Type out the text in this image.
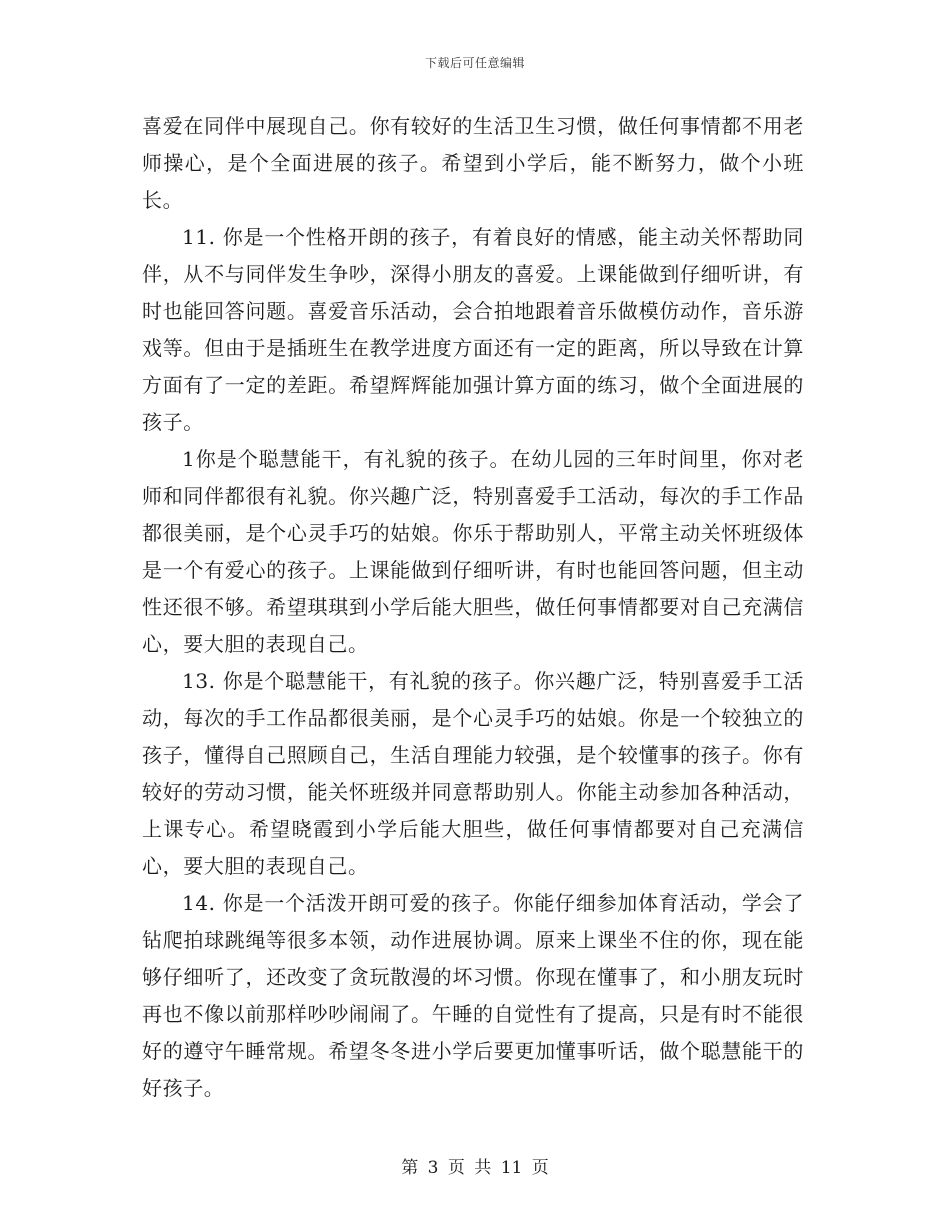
下载后可任意编辑

喜爱在同伴中展现自己。你有较好的生活卫生习惯，做任何事情都不用老师操心，是个全面进展的孩子。希望到小学后，能不断努力，做个小班长。

11. 你是一个性格开朗的孩子，有着良好的情感，能主动关怀帮助同伴，从不与同伴发生争吵，深得小朋友的喜爱。上课能做到仔细听讲，有时也能回答问题。喜爱音乐活动，会合拍地跟着音乐做模仿动作，音乐游戏等。但由于是插班生在教学进度方面还有一定的距离，所以导致在计算方面有了一定的差距。希望辉辉能加强计算方面的练习，做个全面进展的孩子。

1你是个聪慧能干，有礼貌的孩子。在幼儿园的三年时间里，你对老师和同伴都很有礼貌。你兴趣广泛，特别喜爱手工活动，每次的手工作品都很美丽，是个心灵手巧的姑娘。你乐于帮助别人，平常主动关怀班级体是一个有爱心的孩子。上课能做到仔细听讲，有时也能回答问题，但主动性还很不够。希望琪琪到小学后能大胆些，做任何事情都要对自己充满信心，要大胆的表现自己。

13. 你是个聪慧能干，有礼貌的孩子。你兴趣广泛，特别喜爱手工活动，每次的手工作品都很美丽，是个心灵手巧的姑娘。你是一个较独立的孩子，懂得自己照顾自己，生活自理能力较强，是个较懂事的孩子。你有较好的劳动习惯，能关怀班级并同意帮助别人。你能主动参加各种活动，上课专心。希望晓霞到小学后能大胆些，做任何事情都要对自己充满信心，要大胆的表现自己。

14. 你是一个活泼开朗可爱的孩子。你能仔细参加体育活动，学会了钻爬拍球跳绳等很多本领，动作进展协调。原来上课坐不住的你，现在能够仔细听了，还改变了贪玩散漫的坏习惯。你现在懂事了，和小朋友玩时再也不像以前那样吵吵闹闹了。午睡的自觉性有了提高，只是有时不能很好的遵守午睡常规。希望冬冬进小学后要更加懂事听话，做个聪慧能干的好孩子。

第 3 页 共 11 页
